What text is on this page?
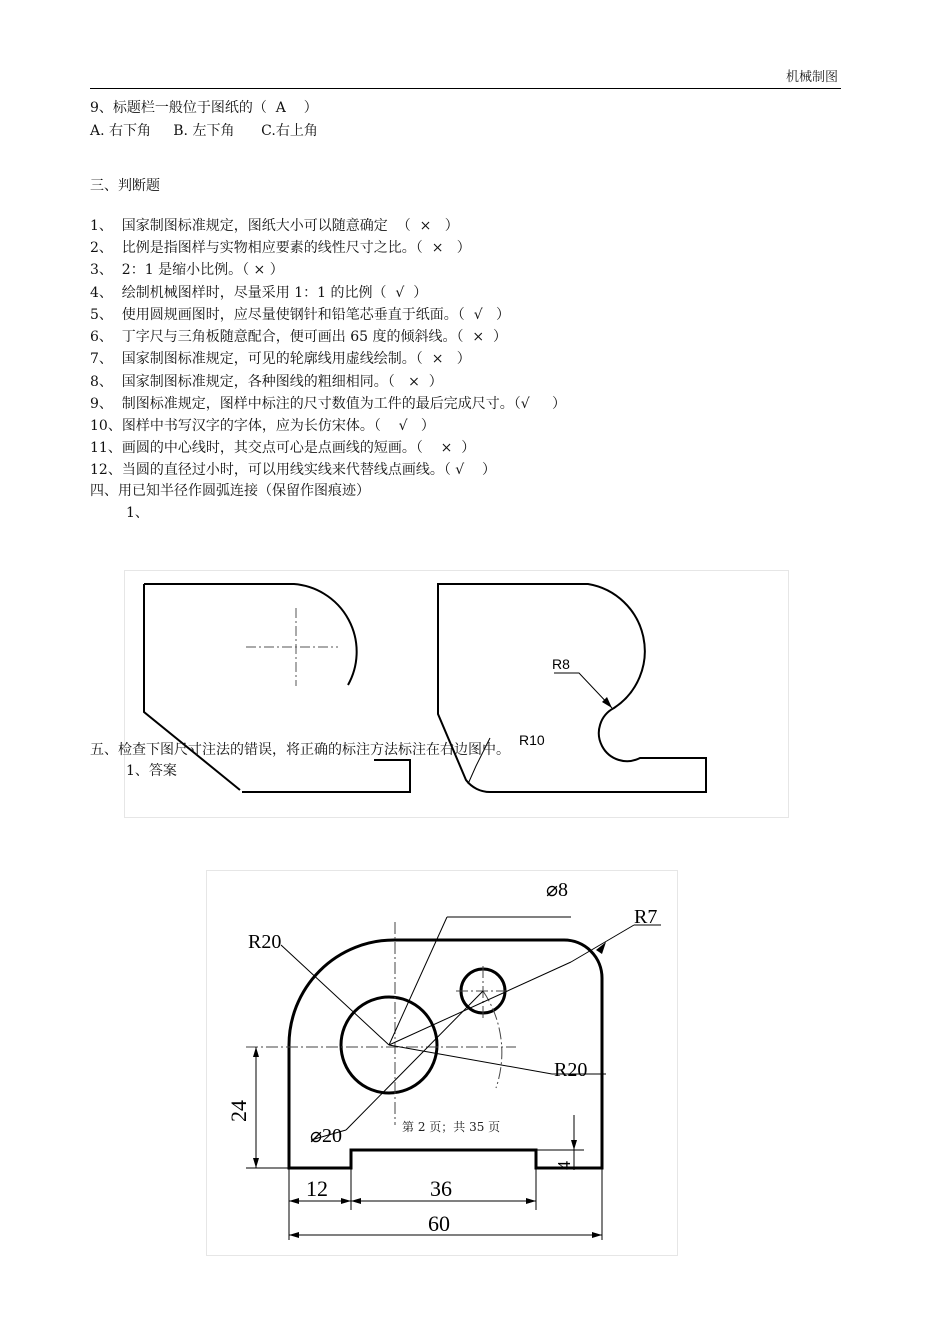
机械制图
9、标题栏一般位于图纸的（  A    ）
A. 右下角     B. 左下角      C.右上角
三、判断题
1、  国家制图标准规定，图纸大小可以随意确定  （  ×   ）
2、  比例是指图样与实物相应要素的线性尺寸之比。（  ×   ）
3、  2：1 是缩小比例。（ × ）
4、  绘制机械图样时，尽量采用 1：1 的比例（  √  ）
5、  使用圆规画图时，应尽量使钢针和铅笔芯垂直于纸面。（  √   ）
6、  丁字尺与三角板随意配合，便可画出 65 度的倾斜线。（  ×  ）
7、  国家制图标准规定，可见的轮廓线用虚线绘制。（  ×   ）
8、  国家制图标准规定，各种图线的粗细相同。（   ×  ）
9、  制图标准规定，图样中标注的尺寸数值为工件的最后完成尺寸。（√     ）
10、图样中书写汉字的字体，应为长仿宋体。（    √   ）
11、画圆的中心线时，其交点可心是点画线的短画。（    ×  ）
12、当圆的直径过小时，可以用线实线来代替线点画线。（ √    ）
四、用已知半径作圆弧连接（保留作图痕迹）
1、
R8
R10
五、检查下图尺寸注法的错误，将正确的标注方法标注在右边图中。
1、答案
R20
⌀8
R7
R20
24
⌀20
4
12	36
60
第 2 页；共 35 页
